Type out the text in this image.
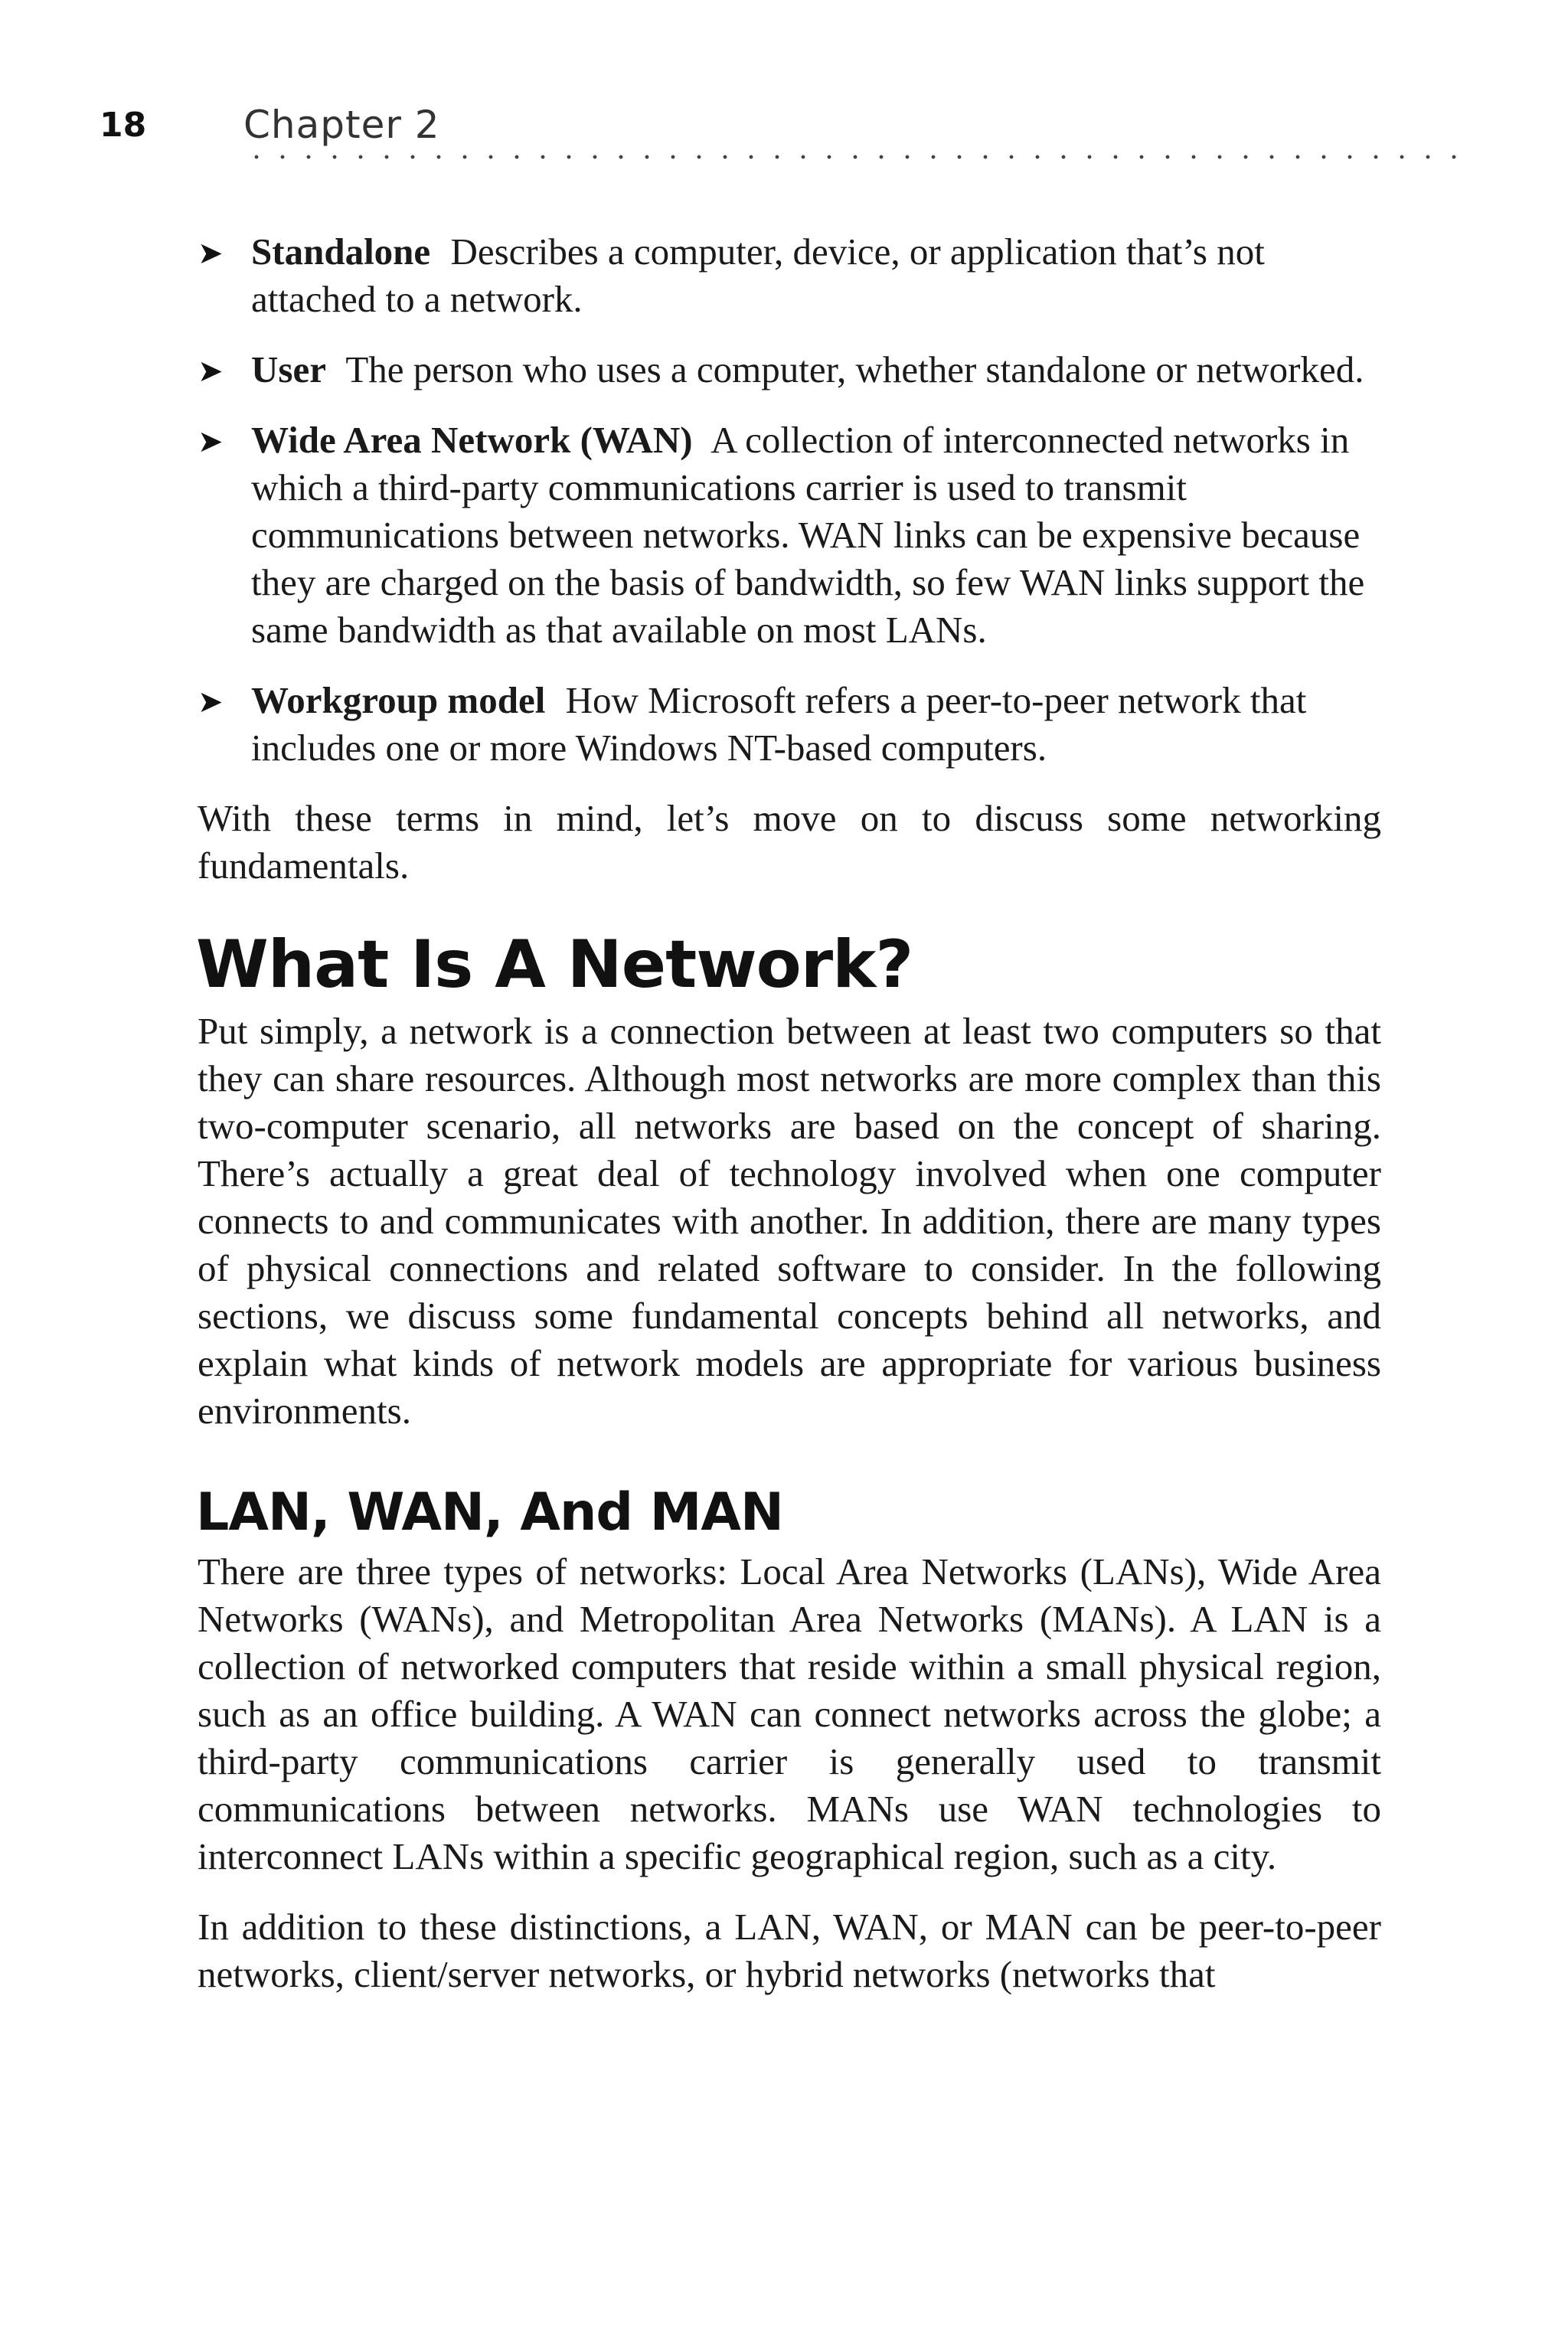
18	Chapter 2
➤ Standalone Describes a computer, device, or application that’s not attached to a network.
➤ User The person who uses a computer, whether standalone or networked.
➤ Wide Area Network (WAN) A collection of interconnected networks in which a third-party communications carrier is used to transmit communications between networks. WAN links can be expensive because they are charged on the basis of bandwidth, so few WAN links support the same bandwidth as that available on most LANs.
➤ Workgroup model How Microsoft refers a peer-to-peer network that includes one or more Windows NT-based computers.

With these terms in mind, let’s move on to discuss some networking fundamentals.

What Is A Network?

Put simply, a network is a connection between at least two computers so that they can share resources. Although most networks are more complex than this two-computer scenario, all networks are based on the concept of sharing. There’s actually a great deal of technology involved when one computer connects to and communicates with another. In addition, there are many types of physical connections and related software to consider. In the following sections, we discuss some fundamental concepts behind all networks, and explain what kinds of network models are appropriate for various business environments.

LAN, WAN, And MAN

There are three types of networks: Local Area Networks (LANs), Wide Area Networks (WANs), and Metropolitan Area Networks (MANs). A LAN is a collection of networked computers that reside within a small physical region, such as an office building. A WAN can connect networks across the globe; a third-party communications carrier is generally used to transmit communications between networks. MANs use WAN technologies to interconnect LANs within a specific geographical region, such as a city.

In addition to these distinctions, a LAN, WAN, or MAN can be peer-to-peer networks, client/server networks, or hybrid networks (networks that
